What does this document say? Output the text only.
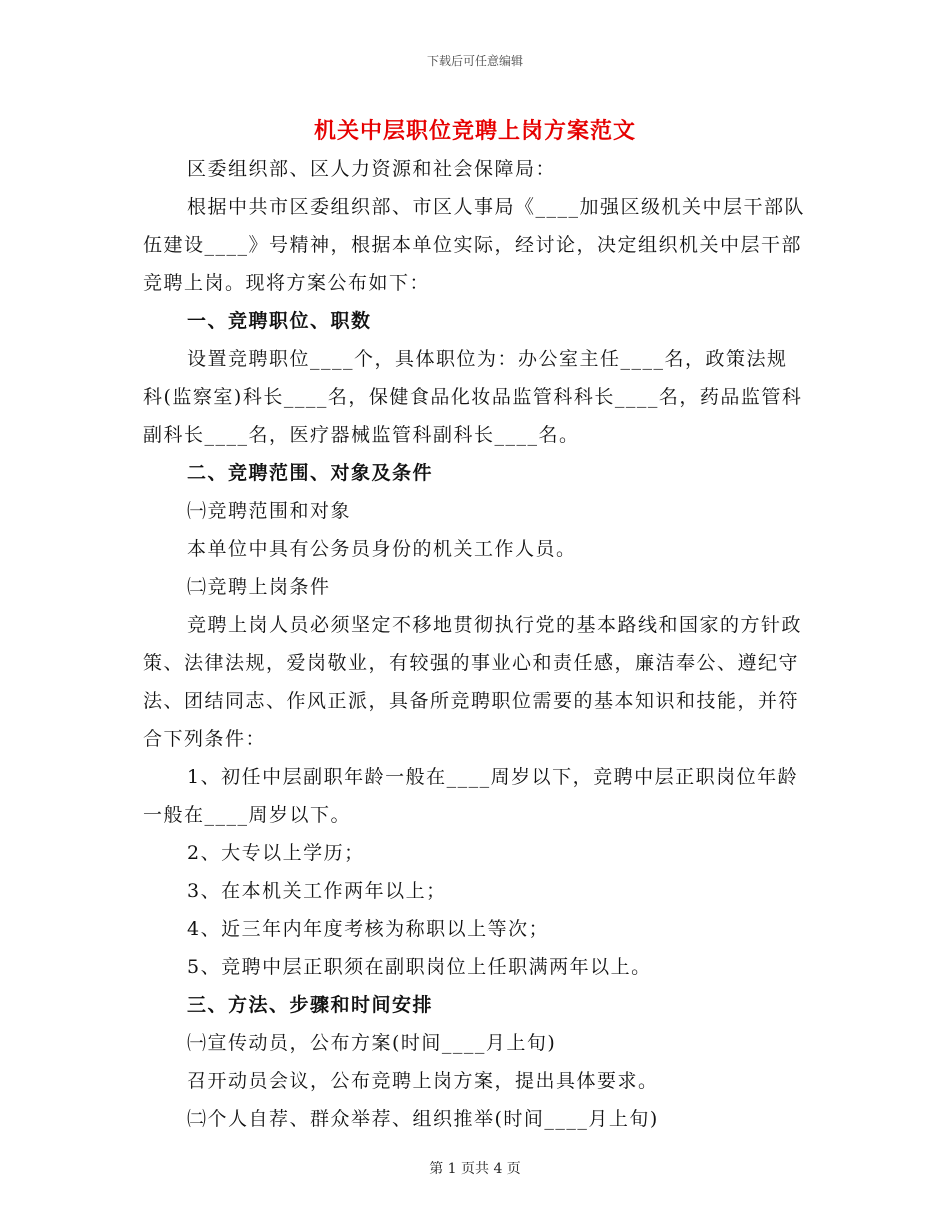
下载后可任意编辑
机关中层职位竞聘上岗方案范文

区委组织部、区人力资源和社会保障局：

根据中共市区委组织部、市区人事局《____加强区级机关中层干部队伍建设____》号精神，根据本单位实际，经讨论，决定组织机关中层干部竞聘上岗。现将方案公布如下：

一、竞聘职位、职数

设置竞聘职位____个，具体职位为：办公室主任____名，政策法规科(监察室)科长____名，保健食品化妆品监管科科长____名，药品监管科副科长____名，医疗器械监管科副科长____名。

二、竞聘范围、对象及条件

㈠竞聘范围和对象

本单位中具有公务员身份的机关工作人员。

㈡竞聘上岗条件

竞聘上岗人员必须坚定不移地贯彻执行党的基本路线和国家的方针政策、法律法规，爱岗敬业，有较强的事业心和责任感，廉洁奉公、遵纪守法、团结同志、作风正派，具备所竞聘职位需要的基本知识和技能，并符合下列条件：

1、初任中层副职年龄一般在____周岁以下，竞聘中层正职岗位年龄一般在____周岁以下。

2、大专以上学历；

3、在本机关工作两年以上；

4、近三年内年度考核为称职以上等次；

5、竞聘中层正职须在副职岗位上任职满两年以上。

三、方法、步骤和时间安排

㈠宣传动员，公布方案(时间____月上旬)

召开动员会议，公布竞聘上岗方案，提出具体要求。

㈡个人自荐、群众举荐、组织推举(时间____月上旬)

第 1 页共 4 页
